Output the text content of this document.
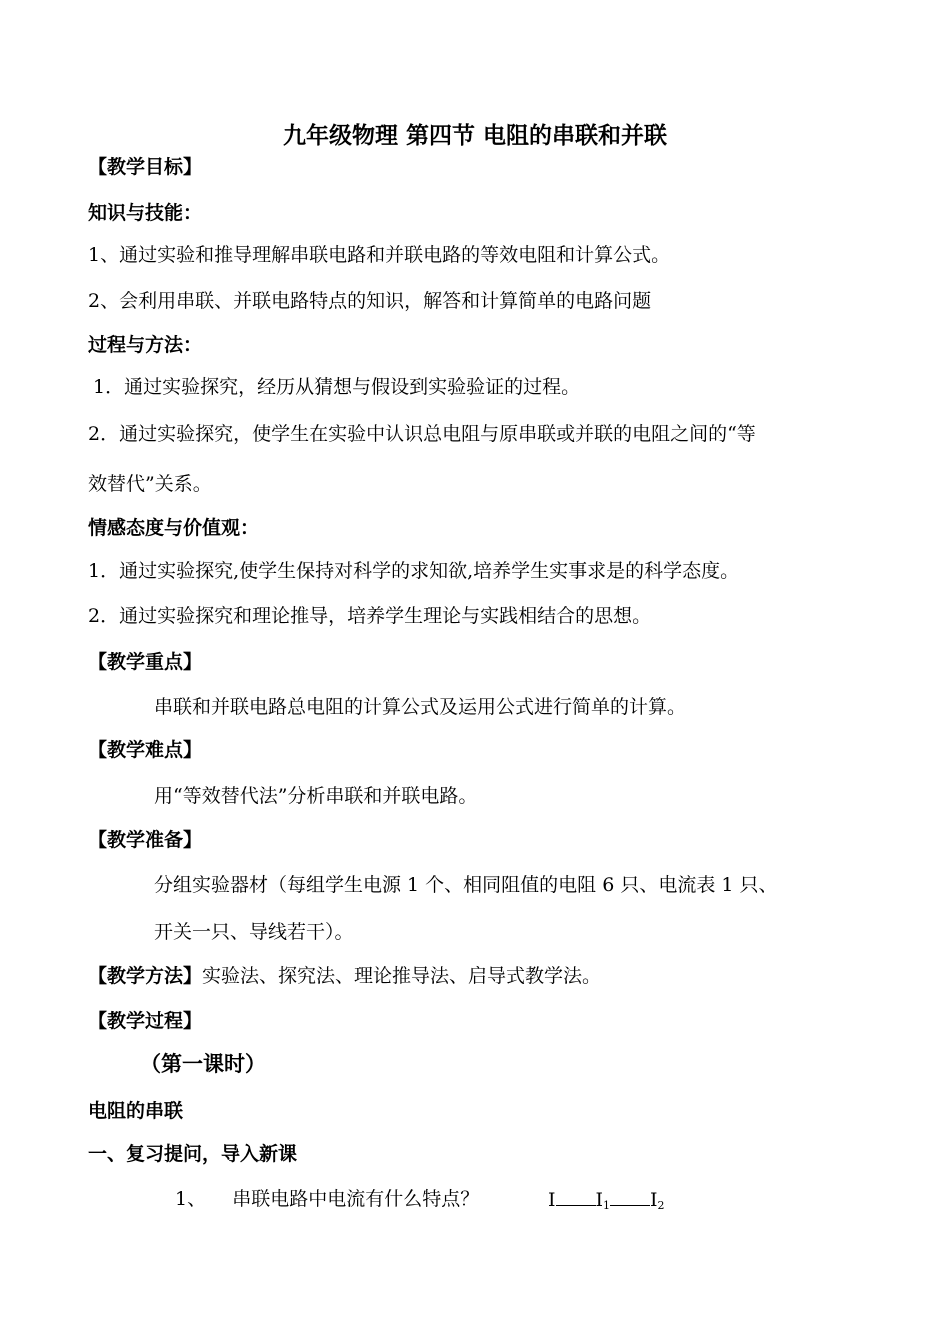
九年级物理 第四节 电阻的串联和并联
【教学目标】
知识与技能：
1、通过实验和推导理解串联电路和并联电路的等效电阻和计算公式。
2、会利用串联、并联电路特点的知识，解答和计算简单的电路问题
过程与方法：
1．通过实验探究，经历从猜想与假设到实验验证的过程。
2．通过实验探究，使学生在实验中认识总电阻与原串联或并联的电阻之间的“等
效替代”关系。
情感态度与价值观：
1．通过实验探究,使学生保持对科学的求知欲,培养学生实事求是的科学态度。
2．通过实验探究和理论推导，培养学生理论与实践相结合的思想。
【教学重点】
串联和并联电路总电阻的计算公式及运用公式进行简单的计算。
【教学难点】
用“等效替代法”分析串联和并联电路。
【教学准备】
分组实验器材（每组学生电源 1 个、相同阻值的电阻 6 只、电流表 1 只、
开关一只、导线若干）。
【教学方法】实验法、探究法、理论推导法、启导式教学法。
【教学过程】
（第一课时）
电阻的串联
一、复习提问，导入新课
1、 串联电路中电流有什么特点？	I $I_1$ $I_2$
